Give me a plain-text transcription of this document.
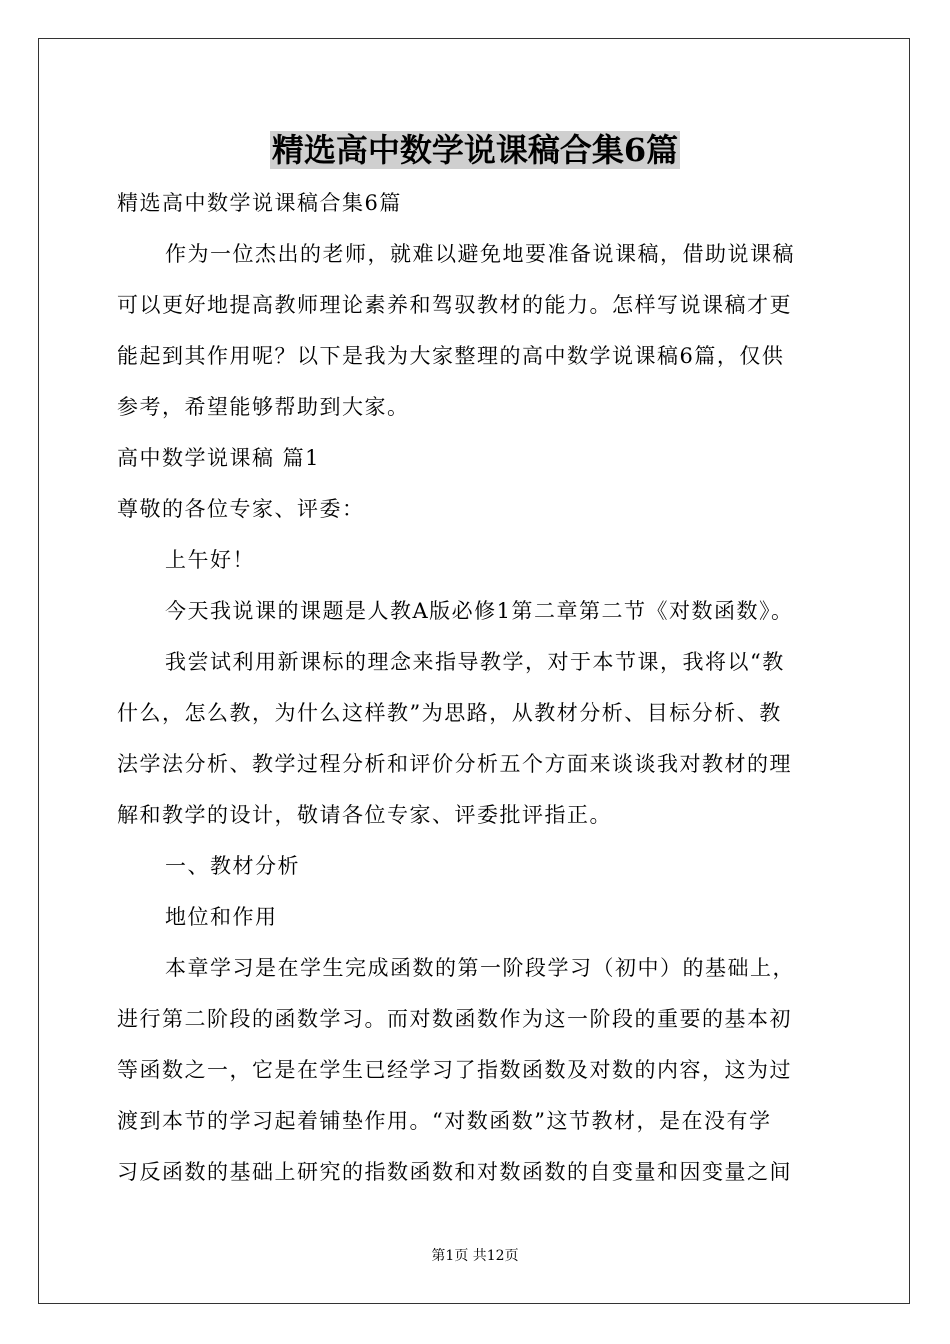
精选高中数学说课稿合集6篇

精选高中数学说课稿合集6篇

作为一位杰出的老师，就难以避免地要准备说课稿，借助说课稿

可以更好地提高教师理论素养和驾驭教材的能力。怎样写说课稿才更

能起到其作用呢？以下是我为大家整理的高中数学说课稿6篇，仅供

参考，希望能够帮助到大家。

高中数学说课稿 篇1

尊敬的各位专家、评委：

上午好！

今天我说课的课题是人教A版必修1第二章第二节《对数函数》。

我尝试利用新课标的理念来指导教学，对于本节课，我将以“教

什么，怎么教，为什么这样教”为思路，从教材分析、目标分析、教

法学法分析、教学过程分析和评价分析五个方面来谈谈我对教材的理

解和教学的设计，敬请各位专家、评委批评指正。

一、教材分析

地位和作用

本章学习是在学生完成函数的第一阶段学习（初中）的基础上，

进行第二阶段的函数学习。而对数函数作为这一阶段的重要的基本初

等函数之一，它是在学生已经学习了指数函数及对数的内容，这为过

渡到本节的学习起着铺垫作用。“对数函数”这节教材，是在没有学

习反函数的基础上研究的指数函数和对数函数的自变量和因变量之间

第1页 共12页
